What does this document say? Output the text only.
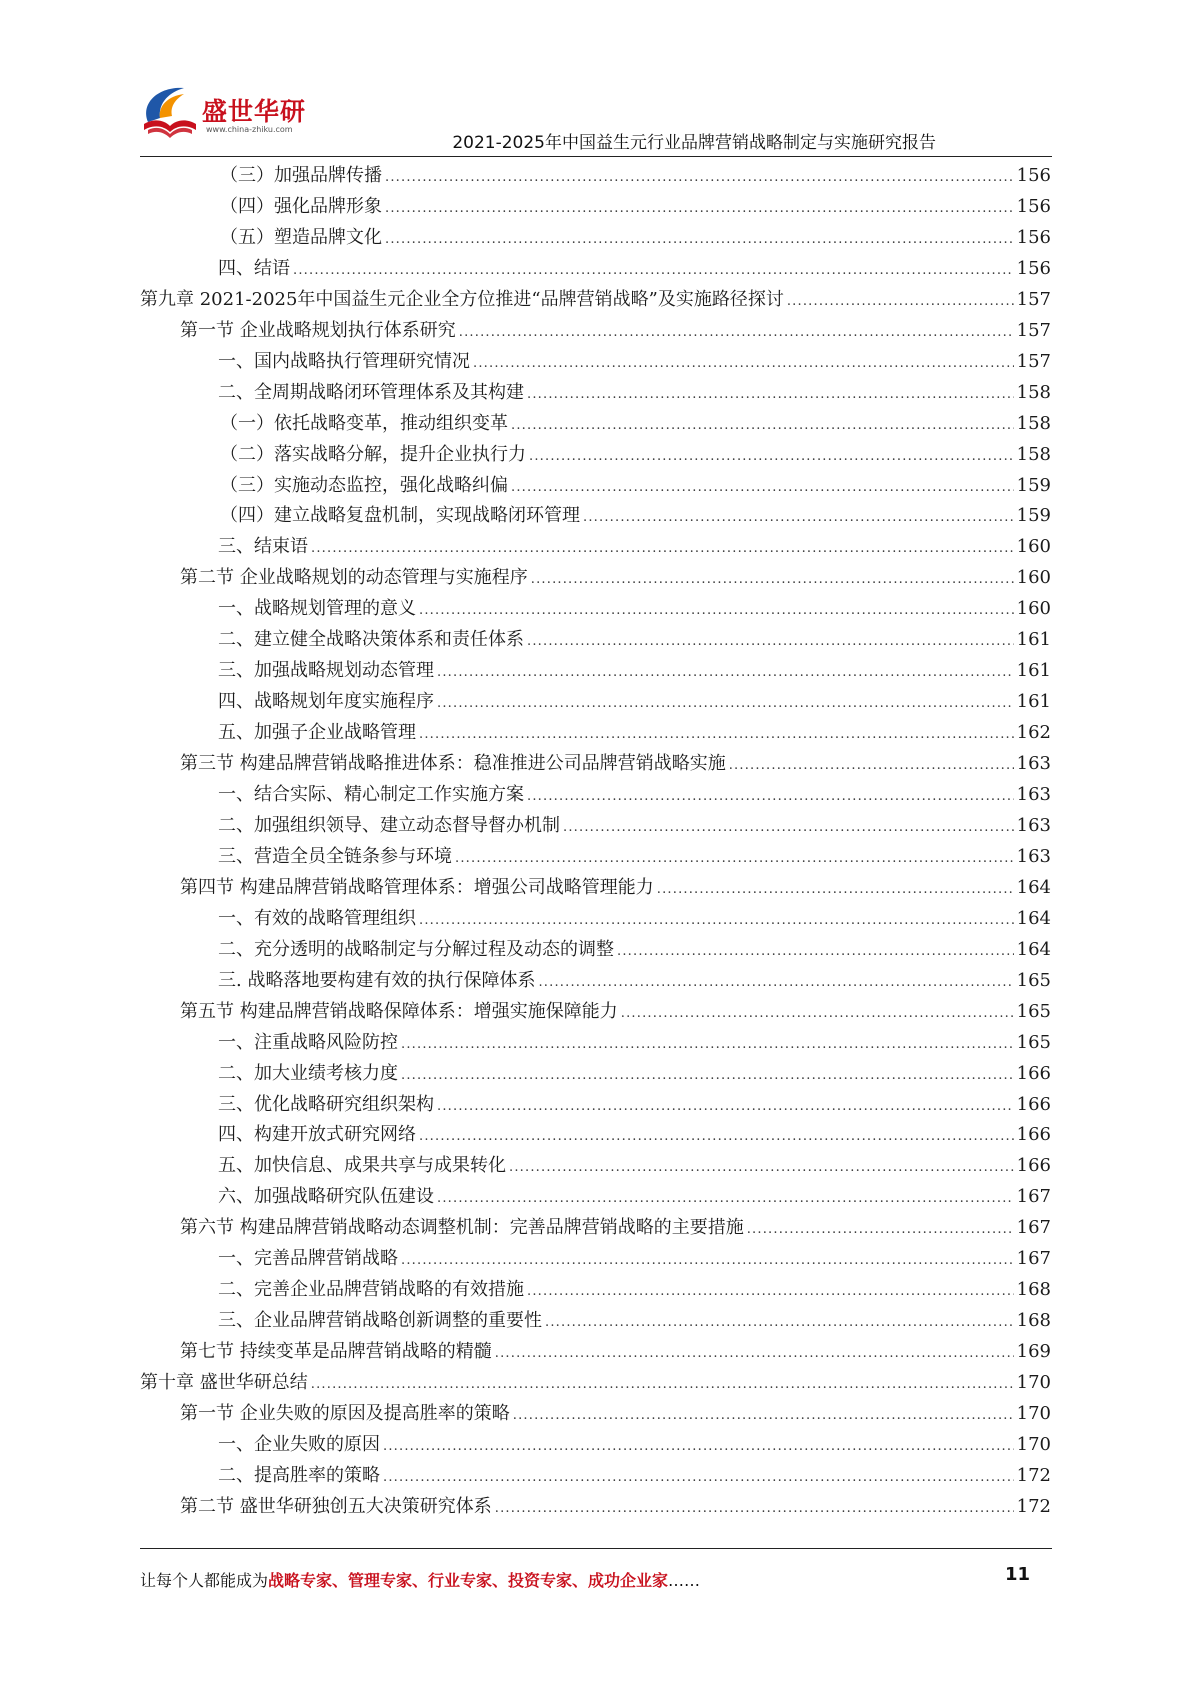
盛世华研
www.china-zhiku.com
2021-2025年中国益生元行业品牌营销战略制定与实施研究报告
（三）加强品牌传播 .....	156
（四）强化品牌形象 .....	156
（五）塑造品牌文化 .....	156
四、结语 .....	156
第九章 2021-2025年中国益生元企业全方位推进“品牌营销战略”及实施路径探讨 .....	157
第一节 企业战略规划执行体系研究 .....	157
一、国内战略执行管理研究情况 .....	157
二、全周期战略闭环管理体系及其构建 .....	158
（一）依托战略变革，推动组织变革 .....	158
（二）落实战略分解，提升企业执行力 .....	158
（三）实施动态监控，强化战略纠偏 .....	159
（四）建立战略复盘机制，实现战略闭环管理 .....	159
三、结束语 .....	160
第二节 企业战略规划的动态管理与实施程序 .....	160
一、战略规划管理的意义 .....	160
二、建立健全战略决策体系和责任体系 .....	161
三、加强战略规划动态管理 .....	161
四、战略规划年度实施程序 .....	161
五、加强子企业战略管理 .....	162
第三节 构建品牌营销战略推进体系：稳准推进公司品牌营销战略实施 .....	163
一、结合实际、精心制定工作实施方案 .....	163
二、加强组织领导、建立动态督导督办机制 .....	163
三、营造全员全链条参与环境 .....	163
第四节 构建品牌营销战略管理体系：增强公司战略管理能力 .....	164
一、有效的战略管理组织 .....	164
二、充分透明的战略制定与分解过程及动态的调整 .....	164
三. 战略落地要构建有效的执行保障体系 .....	165
第五节 构建品牌营销战略保障体系：增强实施保障能力 .....	165
一、注重战略风险防控 .....	165
二、加大业绩考核力度 .....	166
三、优化战略研究组织架构 .....	166
四、构建开放式研究网络 .....	166
五、加快信息、成果共享与成果转化 .....	166
六、加强战略研究队伍建设 .....	167
第六节 构建品牌营销战略动态调整机制：完善品牌营销战略的主要措施 .....	167
一、完善品牌营销战略 .....	167
二、完善企业品牌营销战略的有效措施 .....	168
三、企业品牌营销战略创新调整的重要性 .....	168
第七节 持续变革是品牌营销战略的精髓 .....	169
第十章 盛世华研总结 .....	170
第一节 企业失败的原因及提高胜率的策略 .....	170
一、企业失败的原因 .....	170
二、提高胜率的策略 .....	172
第二节 盛世华研独创五大决策研究体系 .....	172
让每个人都能成为战略专家、管理专家、行业专家、投资专家、成功企业家……	11
